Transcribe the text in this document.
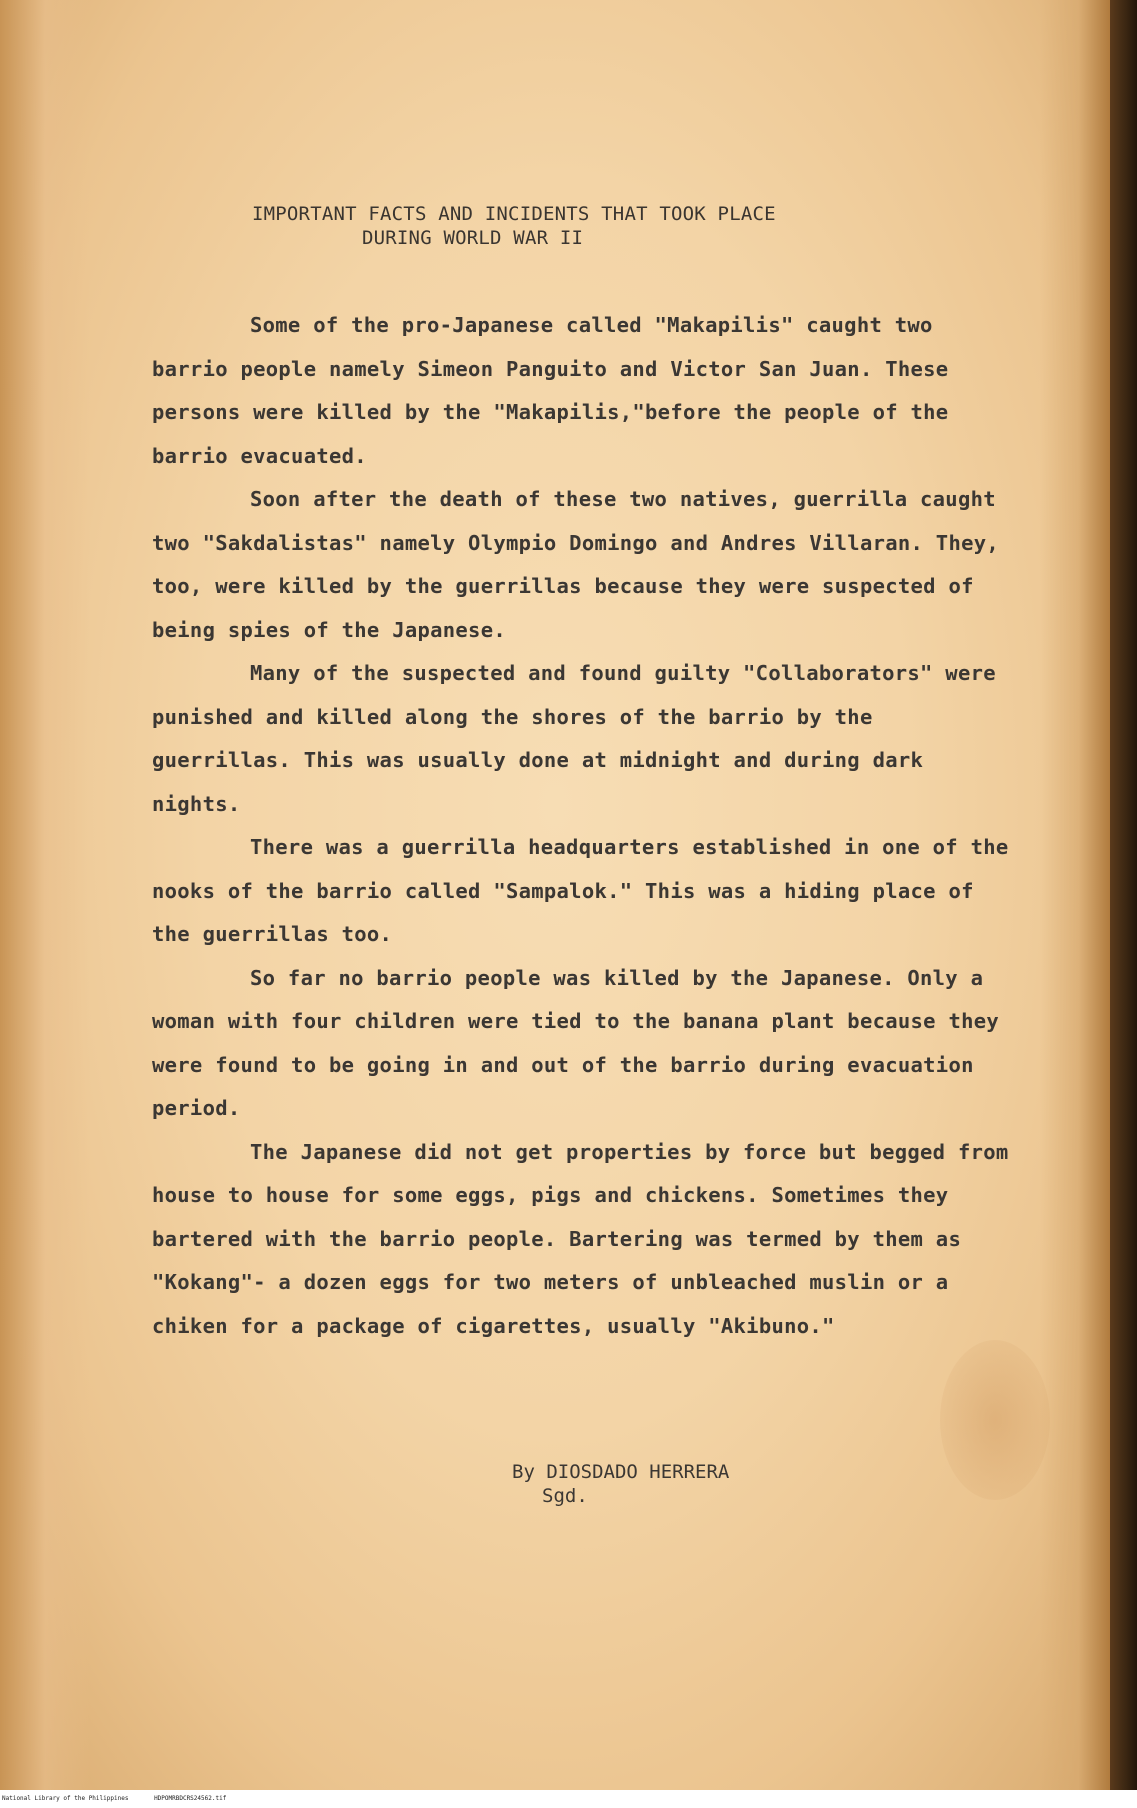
IMPORTANT FACTS AND INCIDENTS THAT TOOK PLACE
DURING WORLD WAR II

Some of the pro-Japanese called "Makapilis" caught two barrio people namely Simeon Panguito and Victor San Juan. These persons were killed by the "Makapilis,"before the people of the barrio evacuated.

Soon after the death of these two natives, guerrilla caught two "Sakdalistas" namely Olympio Domingo and Andres Villaran. They, too, were killed by the guerrillas because they were suspected of being spies of the Japanese.

Many of the suspected and found guilty "Collaborators" were punished and killed along the shores of the barrio by the guerrillas. This was usually done at midnight and during dark nights.

There was a guerrilla headquarters established in one of the nooks of the barrio called "Sampalok." This was a hiding place of the guerrillas too.

So far no barrio people was killed by the Japanese. Only a woman with four children were tied to the banana plant because they were found to be going in and out of the barrio during evacuation period.

The Japanese did not get properties by force but begged from house to house for some eggs, pigs and chickens. Sometimes they bartered with the barrio people. Bartering was termed by them as "Kokang"- a dozen eggs for two meters of unbleached muslin or a chiken for a package of cigarettes, usually "Akibuno."

By DIOSDADO HERRERA
Sgd.
National Library of the Philippines	HDPOMRBDCRS24562.tif
